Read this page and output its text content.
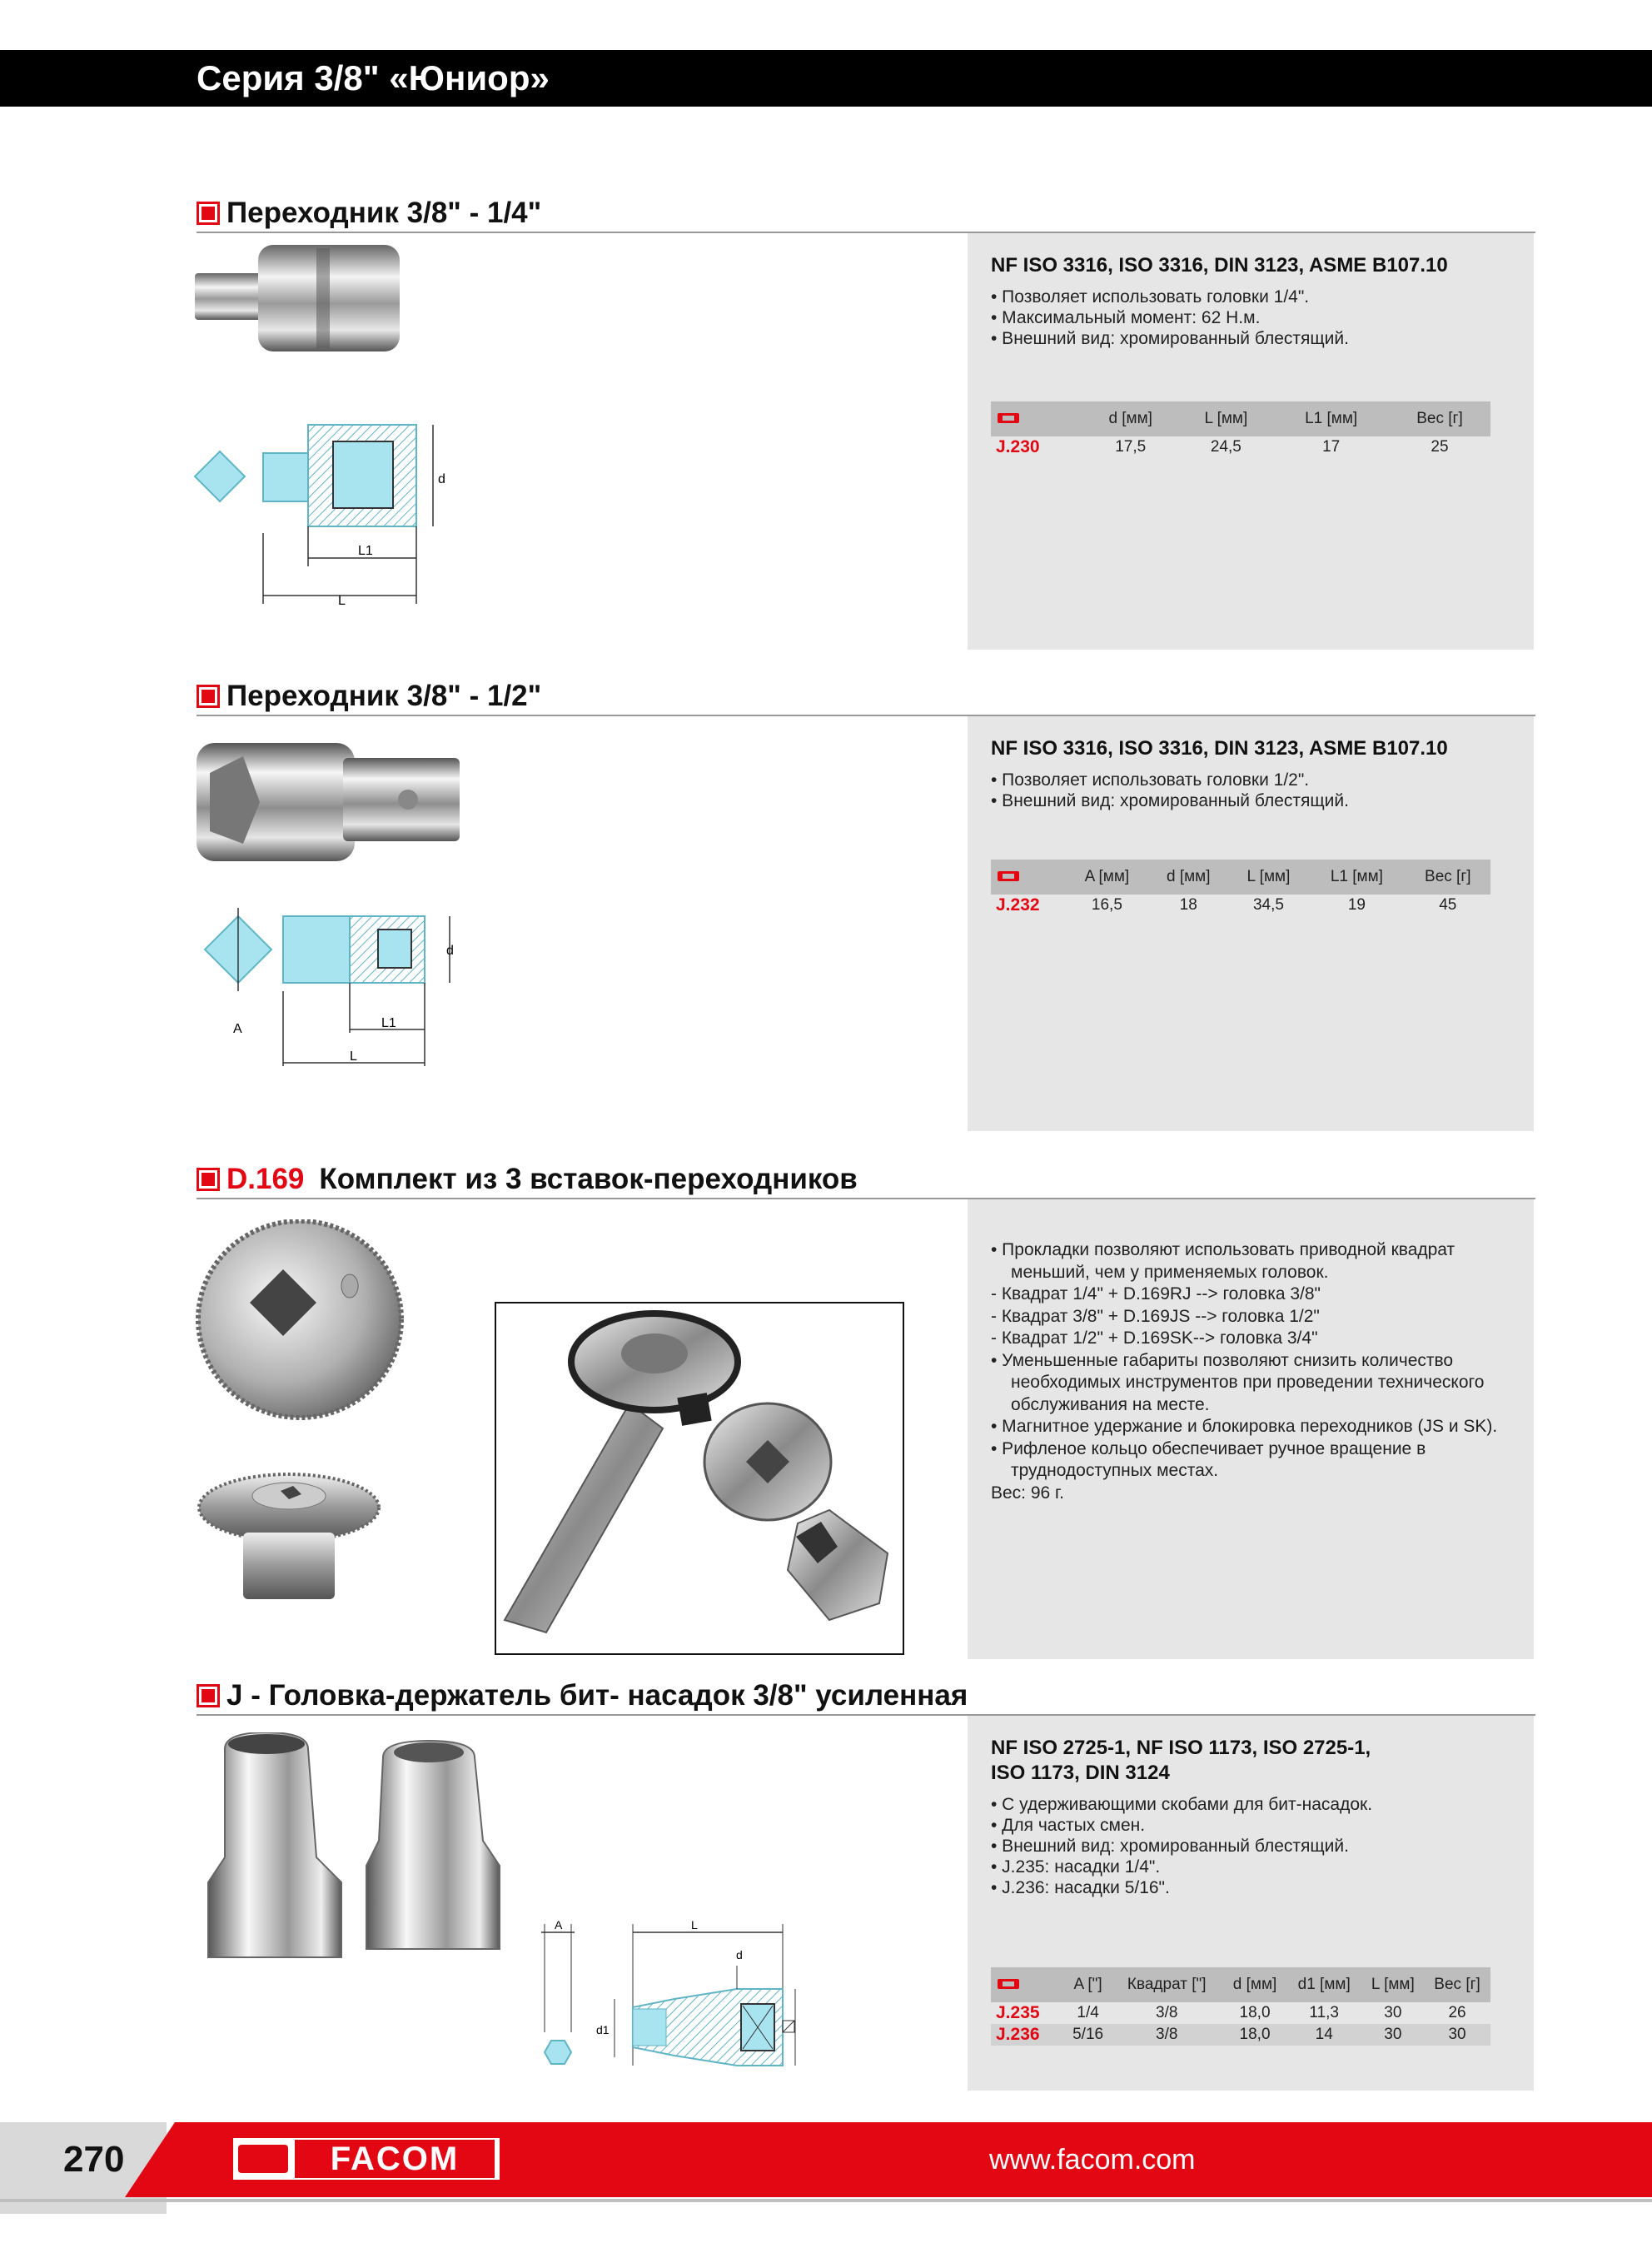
Серия 3/8" «Юниор»
Переходник 3/8" - 1/4"
d
L1
L
NF ISO 3316, ISO 3316, DIN 3123, ASME B107.10
• Позволяет использовать головки 1/4".
• Максимальный момент: 62 Н.м.
• Внешний вид: хромированный блестящий.
	d [мм]	L [мм]	L1 [мм]	Вес [г]
J.230	17,5	24,5	17	25
Переходник 3/8" - 1/2"
A
d
L1
L
NF ISO 3316, ISO 3316, DIN 3123, ASME B107.10
• Позволяет использовать головки 1/2".
• Внешний вид: хромированный блестящий.
	A [мм]	d [мм]	L [мм]	L1 [мм]	Вес [г]
J.232	16,5	18	34,5	19	45
D.169 Комплект из 3 вставок-переходников
• Прокладки позволяют использовать приводной квадрат
меньший, чем у применяемых головок.
- Квадрат 1/4" + D.169RJ --> головка 3/8"
- Квадрат 3/8" + D.169JS --> головка 1/2"
- Квадрат 1/2" + D.169SK--> головка 3/4"
• Уменьшенные габариты позволяют снизить количество
необходимых инструментов при проведении технического
обслуживания на месте.
• Магнитное удержание и блокировка переходников (JS и SK).
• Рифленое кольцо обеспечивает ручное вращение в
труднодоступных местах.
Вес: 96 г.
J - Головка-держатель бит- насадок 3/8" усиленная
A	L
d
d1
NF ISO 2725-1, NF ISO 1173, ISO 2725-1,
ISO 1173, DIN 3124
• С удерживающими скобами для бит-насадок.
• Для частых смен.
• Внешний вид: хромированный блестящий.
• J.235: насадки 1/4".
• J.236: насадки 5/16".
	A ["]	Квадрат ["]	d [мм]	d1 [мм]	L [мм]	Вес [г]
J.235	1/4	3/8	18,0	11,3	30	26
J.236	5/16	3/8	18,0	14	30	30
270	FACOM	www.facom.com
